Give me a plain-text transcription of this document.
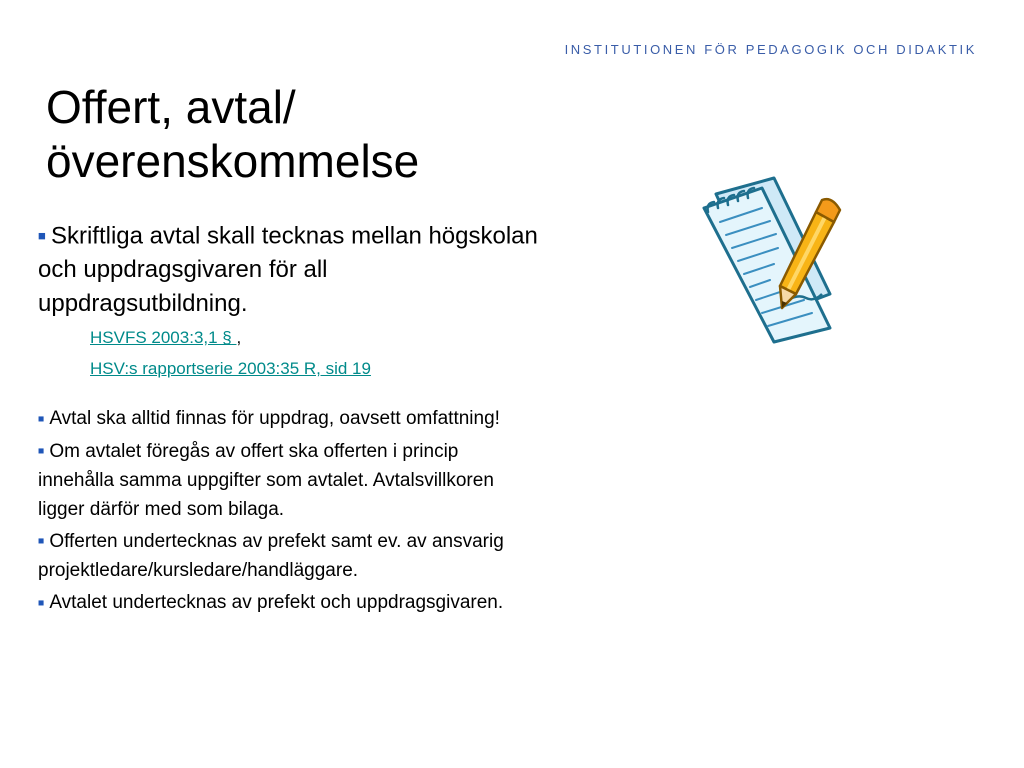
INSTITUTIONEN FÖR PEDAGOGIK OCH DIDAKTIK
Offert, avtal/
överenskommelse

■ Skriftliga avtal skall tecknas mellan högskolan och uppdragsgivaren för all uppdragsutbildning.

HSVFS 2003:3,1 § ,
HSV:s rapportserie 2003:35 R, sid 19

■ Avtal ska alltid finnas för uppdrag, oavsett omfattning!

■ Om avtalet föregås av offert ska offerten i princip innehålla samma uppgifter som avtalet. Avtalsvillkoren ligger därför med som bilaga.

■ Offerten undertecknas av prefekt samt ev. av ansvarig projektledare/kursledare/handläggare.

■ Avtalet undertecknas av prefekt och uppdragsgivaren.
